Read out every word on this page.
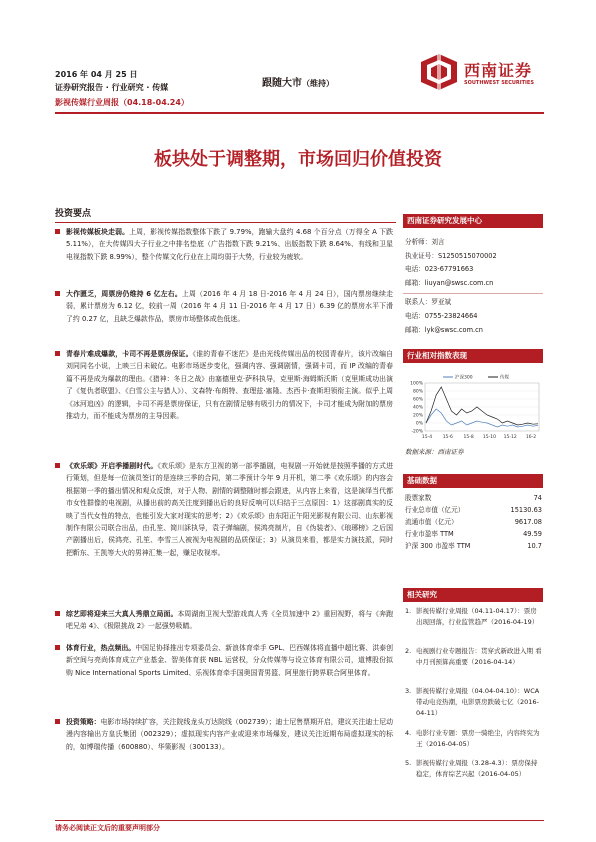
2016 年 04 月 25 日
证券研究报告 · 行业研究 · 传媒
影视传媒行业周报（04.18-04.24）
跟随大市（维持）
西南证券
SOUTHWEST SECURITIES
板块处于调整期，市场回归价值投资
投资要点
影视传媒板块走弱。上周，影视传媒指数整体下跌了 9.79%，跑输大盘约 4.68 个百分点（万得全 A 下跌 5.11%），在大传媒四大子行业之中排名垫底（广告指数下跌 9.21%、出版指数下跌 8.64%、有线和卫星电视指数下跌 8.99%），整个传媒文化行业在上周均弱于大势，行业较为疲软。
大作匮乏，周票房仍维持 6 亿左右。上周（2016 年 4 月 18 日-2016 年 4 月 24 日），国内票房继续走弱，累计票房为 6.12 亿，较前一周（2016 年 4 月 11 日-2016 年 4 月 17 日）6.39 亿的票房水平下滑了约 0.27 亿，且缺乏爆款作品，票房市场整体成色低迷。
青春片难成爆款，卡司不再是票房保证。《谁的青春不迷茫》是由光线传媒出品的校园青春片，该片改编自刘同同名小说，上映三日未破亿。电影市场逐步变化，强调内容、强调剧情，强调卡司，而 IP 改编的青春篇不再是成为爆款的理由。《猎神：冬日之战》由塞德里克·萨科执导，克里斯·海姆斯沃斯（克里斯成功出演了《复仇者联盟》、《白雪公主与猎人》）、文森特·布朗特、查理兹·塞隆、杰西卡·查斯坦领衔主演。似乎上周《冰河追凶》的逻辑，卡司不再是票房保证，只有在剧情足够有吸引力的情况下，卡司才能成为附加的票房推动力，而不能成为票房的主导因素。
《欢乐颂》开启季播剧时代。《欢乐颂》是东方卫视的第一部季播剧，电视剧一开始就是按照季播的方式进行策划，但是每一位演员签订的是连续三季的合同，第二季预计今年 9 月开机，第二季《欢乐颂》的内容会根据第一季的播出情况和观众反馈，对于人物、剧情的调整随时都会跟进，从内容上来看，这是演绎当代都市女性群像的电视剧，从播出前的高关注度到播出后的良好反响可以归结于三点原因：1）这部剧真实的反映了当代女性的特点，也能引发大家对现实的思考；2）《欢乐颂》由东阳正午阳光影视有限公司、山东影视制作有限公司联合出品，由孔笙、简川訸执导，袁子弹编剧，侯鸿亮制片，自《伪装者》、《琅琊榜》之后国产剧播出后，侯鸿亮、孔笙、李雪三人被视为电视剧的品质保证；3）从演员来看，都是实力演技派，同时把靳东、王凯等大火的男神汇集一起，赚足收视率。
综艺即将迎来三大真人秀鼎立局面。本周湖南卫视大型游戏真人秀《全员加速中 2》重回视野，将与《奔跑吧兄弟 4》、《极限挑战 2》一起强势吸睛。
体育行业，热点频出。中国足协择推出专项委员会、新浪体育牵手 GPL、巴西媒体将直播中超比赛、洪泰创新空间与亮尚体育成立产业基金、智美体育获 NBL 运营权，分众传媒等与设立体育有限公司，道博股份拟购 Nice International Sports Limited、乐视体育牵手国奥国青男篮、阿里旅行跨界联合阿里体育。
投资策略：电影市场持续扩容，关注院线龙头万达院线（002739）；迪士尼售票期开启，建议关注迪士尼动漫内容输出方皇氏集团（002329）；虚拟现实内容产业或迎来市场爆发，建议关注近期布局虚拟现实的标的，如博瑞传播（600880）、华策影视（300133）。
西南证券研究发展中心
分析师：刘言
执业证号：S1250515070002
电话：023-67791663
邮箱：liuyan@swsc.com.cn
联系人：罗亚斌
电话：0755-23824664
邮箱：lyk@swsc.com.cn
行业相对指数表现
100%
80%
60%
40%
20%
0%
-20%
15-4 15-6 15-8 15-10 15-12 16-2
沪深300	传媒
数据来源：西南证券
基础数据
股票家数	74
行业总市值（亿元）	15130.63
流通市值（亿元）	9617.08
行业市盈率 TTM	49.59
沪深 300 市盈率 TTM	10.7
相关研究
1. 影视传媒行业周报（04.11-04.17）：票房出现回落，行业监管趋严（2016-04-19）
2. 电视剧行业专题报告：贯穿式新政进入期 看中月刊预算高重要（2016-04-14）
3. 影视传媒行业周报（04.04-04.10）：WCA 带动电竞热潮，电影票房跌破七亿（2016-04-11）
4. 电影行业专题：票房一骑绝尘，内容终究为王（2016-04-05）
5. 影视传媒行业周报（3.28-4.3）：票房保持稳定，体育综艺兴起（2016-04-05）
请务必阅读正文后的重要声明部分
